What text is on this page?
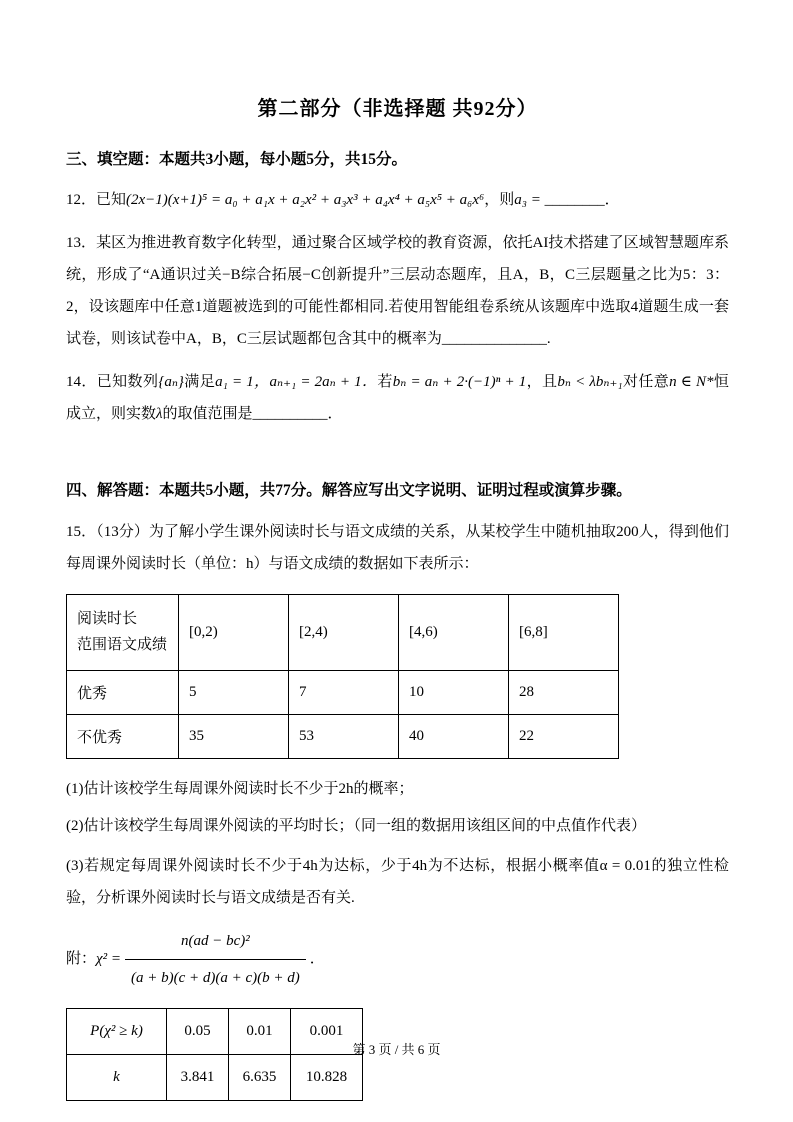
第二部分（非选择题 共92分）

三、填空题：本题共3小题，每小题5分，共15分。

12．已知(2x−1)(x+1)⁵ = a₀ + a₁x + a₂x² + a₃x³ + a₄x⁴ + a₅x⁵ + a₆x⁶，则a₃ = ________．

13．某区为推进教育数字化转型，通过聚合区域学校的教育资源，依托AI技术搭建了区域智慧题库系统，形成了“A通识过关−B综合拓展−C创新提升”三层动态题库，且A，B，C三层题量之比为5：3：2，设该题库中任意1道题被选到的可能性都相同.若使用智能组卷系统从该题库中选取4道题生成一套试卷，则该试卷中A，B，C三层试题都包含其中的概率为______________.

14．已知数列{aₙ}满足a₁ = 1，aₙ₊₁ = 2aₙ + 1．若bₙ = aₙ + 2·(−1)ⁿ + 1，且bₙ < λbₙ₊₁对任意n ∈ N*恒成立，则实数λ的取值范围是__________．

四、解答题：本题共5小题，共77分。解答应写出文字说明、证明过程或演算步骤。

15．（13分）为了解小学生课外阅读时长与语文成绩的关系，从某校学生中随机抽取200人，得到他们每周课外阅读时长（单位：h）与语文成绩的数据如下表所示：

阅读时长
范围语文成绩	[0,2)	[2,4)	[4,6)	[6,8]
优秀	5	7	10	28
不优秀	35	53	40	22

(1)估计该校学生每周课外阅读时长不少于2h的概率；

(2)估计该校学生每周课外阅读的平均时长；（同一组的数据用该组区间的中点值作代表）

(3)若规定每周课外阅读时长不少于4h为达标，少于4h为不达标，根据小概率值α = 0.01的独立性检验，分析课外阅读时长与语文成绩是否有关.

附：$\chi^2 = \frac{\text{n(ad − bc)²}}{(a + b)(c + d)(a + c)(b + d)}$ ．

P(χ² ≥ k)	0.05	0.01	0.001
k	3.841	6.635	10.828
第 3 页 / 共 6 页
